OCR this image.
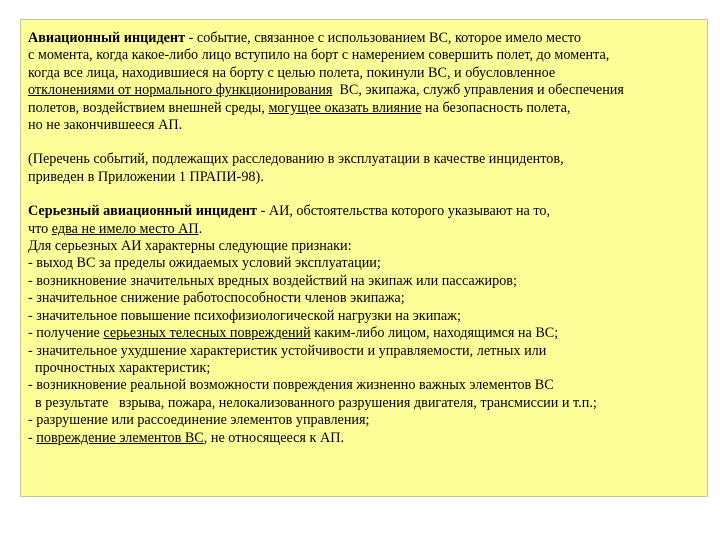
Авиационный инцидент - событие, связанное с использованием ВС, которое имело место
с момента, когда какое-либо лицо вступило на борт с намерением совершить полет, до момента,
когда все лица, находившиеся на борту с целью полета, покинули ВС, и обусловленное
отклонениями от нормального функционирования  ВС, экипажа, служб управления и обеспечения
полетов, воздействием внешней среды, могущее оказать влияние на безопасность полета,
но не закончившееся АП.
(Перечень событий, подлежащих расследованию в эксплуатации в качестве инцидентов,
приведен в Приложении 1 ПРАПИ-98).
Серьезный авиационный инцидент - АИ, обстоятельства которого указывают на то,
что едва не имело место АП.
Для серьезных АИ характерны следующие признаки:
- выход ВС за пределы ожидаемых условий эксплуатации;
- возникновение значительных вредных воздействий на экипаж или пассажиров;
- значительное снижение работоспособности членов экипажа;
- значительное повышение психофизиологической нагрузки на экипаж;
- получение серьезных телесных повреждений каким-либо лицом, находящимся на ВС;
- значительное ухудшение характеристик устойчивости и управляемости, летных или
прочностных характеристик;
- возникновение реальной возможности повреждения жизненно важных элементов ВС
в результате   взрыва, пожара, нелокализованного разрушения двигателя, трансмиссии и т.п.;
- разрушение или рассоединение элементов управления;
- повреждение элементов ВС, не относящееся к АП.
